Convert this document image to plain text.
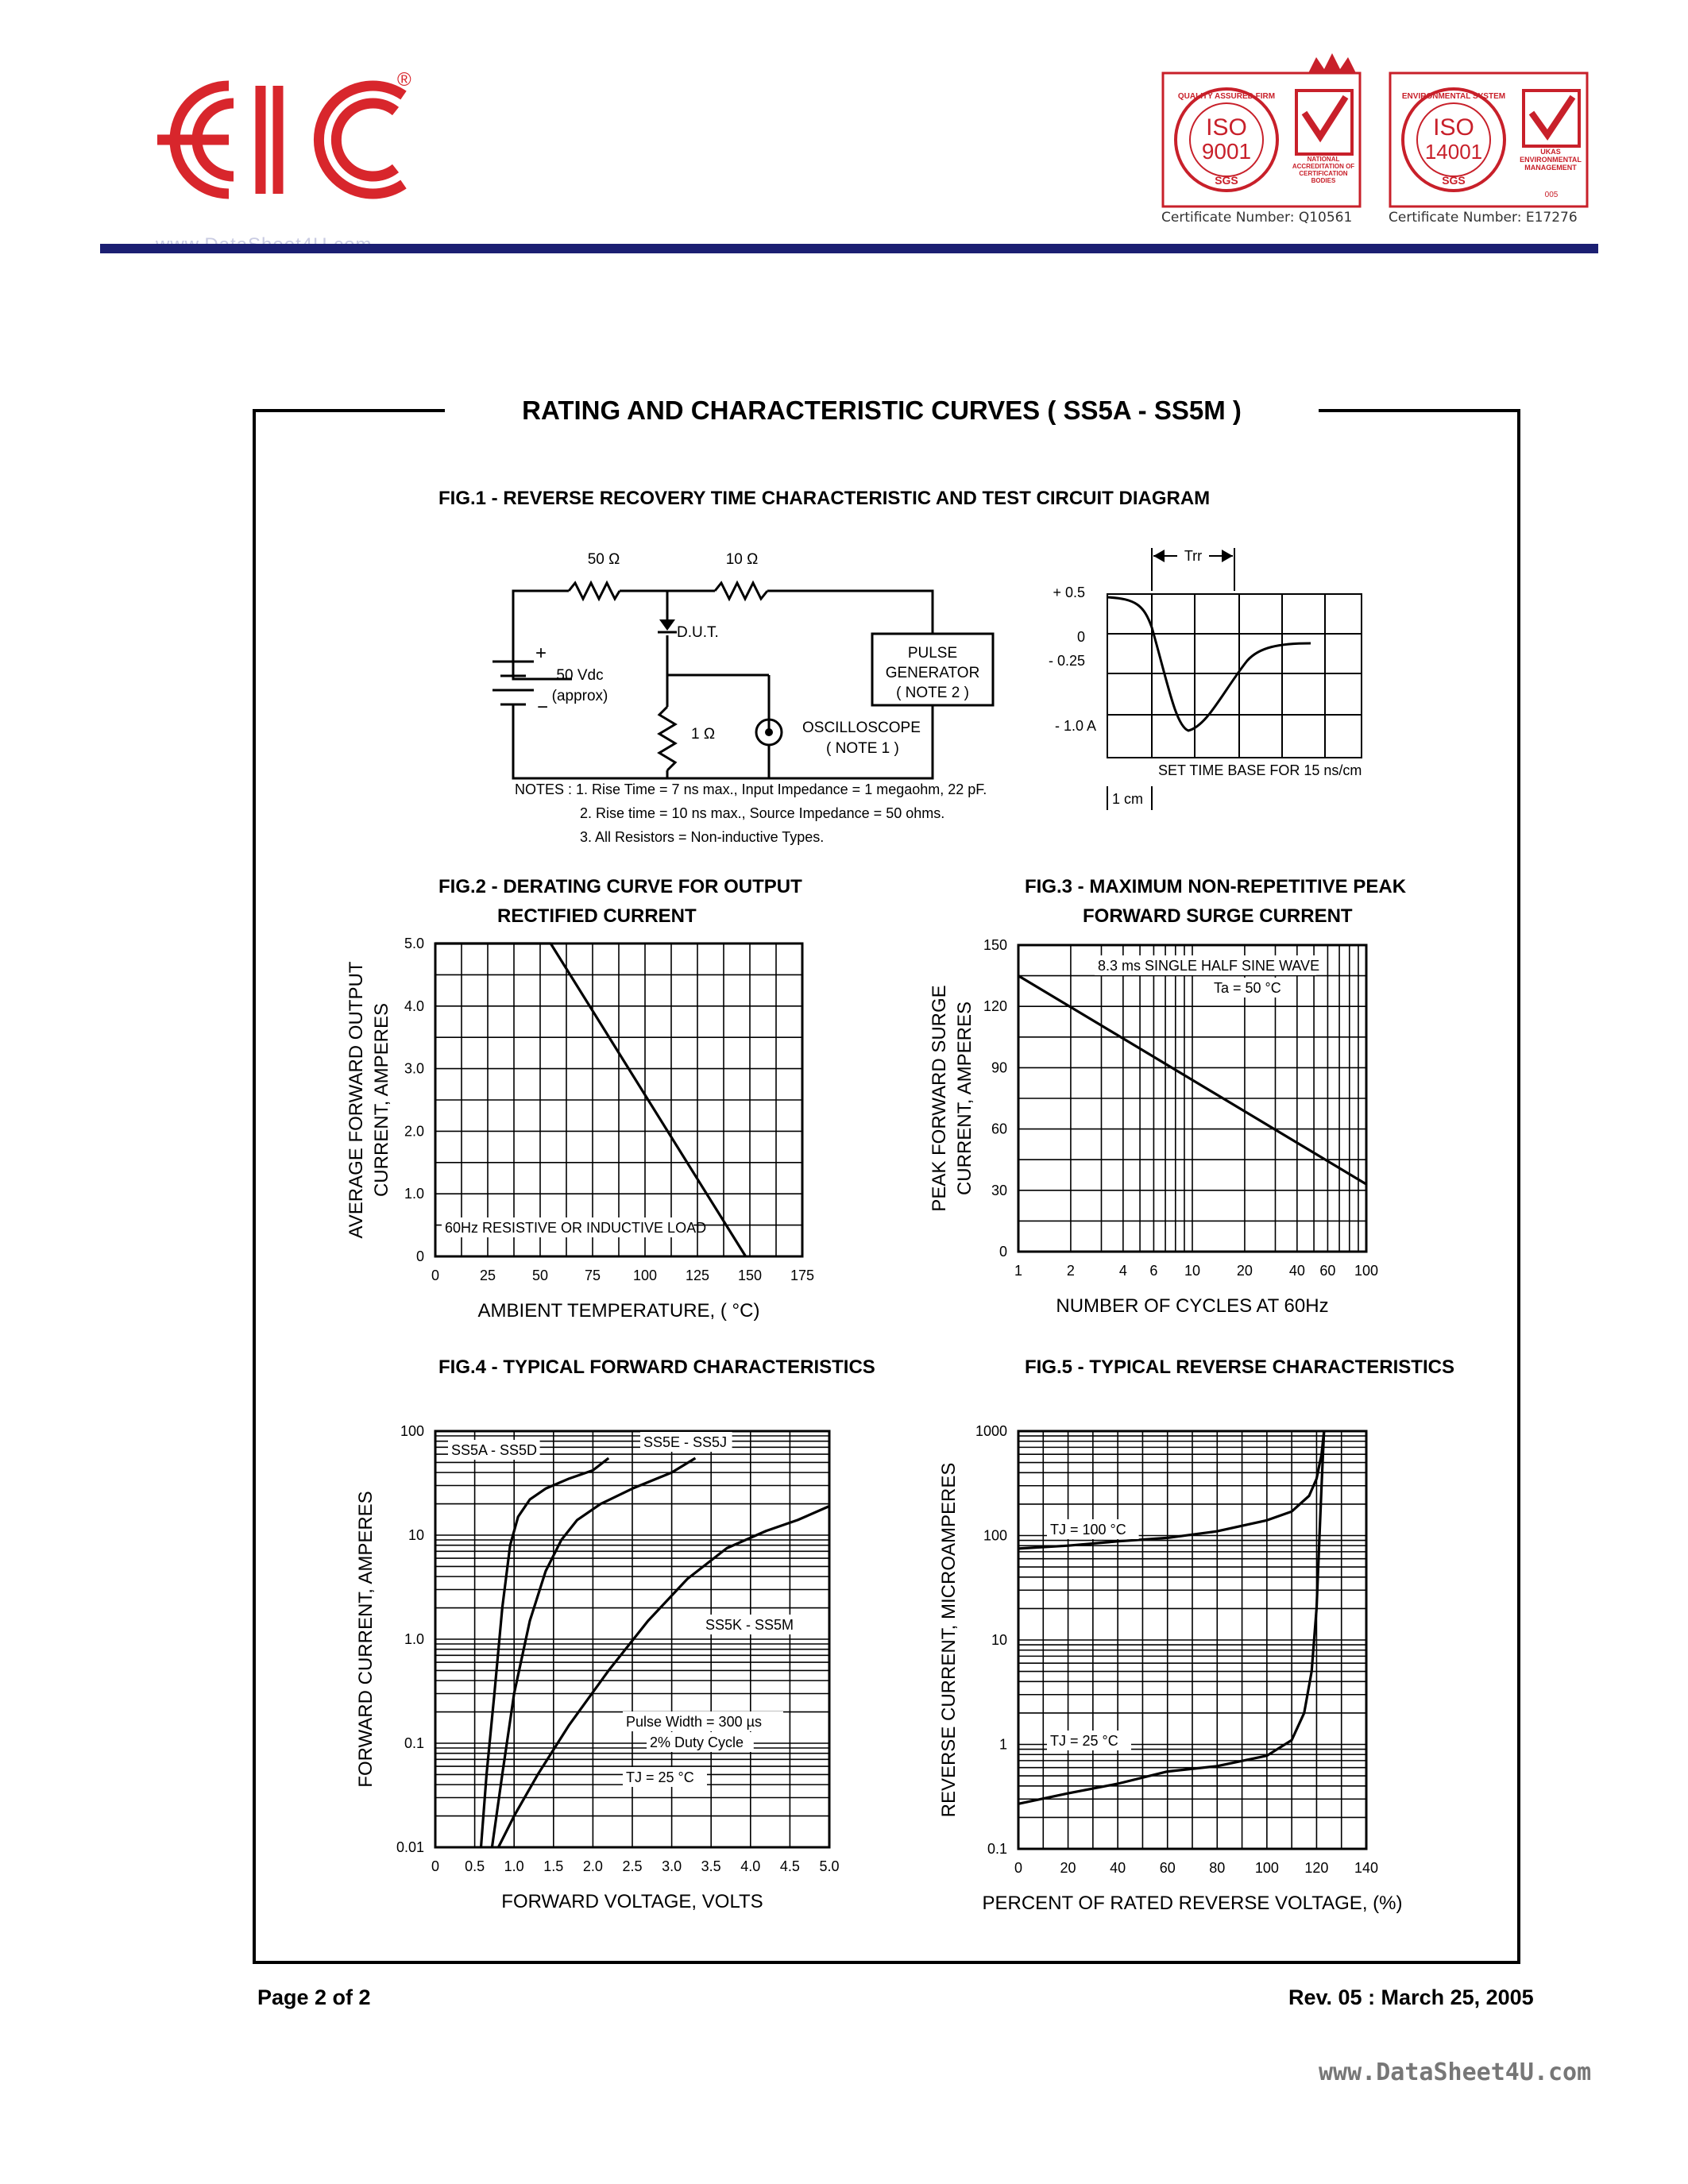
®
ISO
9001
SGS
QUALITY ASSURED FIRM
NATIONAL ACCREDITATION OF CERTIFICATION BODIES
Certificate Number: Q10561
ISO
14001
SGS
ENVIRONMENTAL SYSTEM
UKAS ENVIRONMENTAL MANAGEMENT
005
Certificate Number: E17276
RATING AND CHARACTERISTIC CURVES ( SS5A - SS5M )
FIG.1 - REVERSE RECOVERY TIME CHARACTERISTIC AND TEST CIRCUIT DIAGRAM
50 Ω	10 Ω
D.U.T.
+
−
50 Vdc
(approx)
1 Ω
PULSE
GENERATOR
( NOTE 2 )
OSCILLOSCOPE
( NOTE 1 )
NOTES : 1. Rise Time = 7 ns max., Input Impedance = 1 megaohm, 22 pF.
2. Rise time = 10 ns max., Source Impedance = 50 ohms.
3. All Resistors = Non-inductive Types.
Trr
+ 0.5
0
- 0.25
- 1.0 A
SET TIME BASE FOR 15 ns/cm
1 cm
FIG.2 - DERATING CURVE FOR OUTPUT
RECTIFIED CURRENT
FIG.3 - MAXIMUM NON-REPETITIVE PEAK
FORWARD SURGE CURRENT
FIG.4 - TYPICAL FORWARD CHARACTERISTICS	FIG.5 - TYPICAL REVERSE CHARACTERISTICS
0	25	50	75 100 125 150 175
0
1.0
2.0
3.0
4.0
5.0
AMBIENT TEMPERATURE, ( °C)
AVERAGE FORWARD OUTPUT CURRENT, AMPERES
60Hz RESISTIVE OR INDUCTIVE LOAD
1	2	4 6 10	20	40 60 100
0
30
60
90
120
150
NUMBER OF CYCLES AT 60Hz
PEAK FORWARD SURGE CURRENT, AMPERES
8.3 ms SINGLE HALF SINE WAVE
Ta = 50 °C
0 0.5 1.0 1.5 2.0 2.5 3.0 3.5 4.0 4.5 5.0
0.01
0.1
1.0
10
100
FORWARD VOLTAGE, VOLTS
FORWARD CURRENT, AMPERES
SS5A - SS5D	SS5E - SS5J
SS5K - SS5M
Pulse Width = 300 µs
2% Duty Cycle
TJ = 25 °C
0	20 40 60 80 100 120 140
0.1
1
10
100
1000
PERCENT OF RATED REVERSE VOLTAGE, (%)
REVERSE CURRENT, MICROAMPERES	TJ = 100 °C
TJ = 25 °C
Page 2 of 2	Rev. 05 : March 25, 2005
www.DataSheet4U.com
